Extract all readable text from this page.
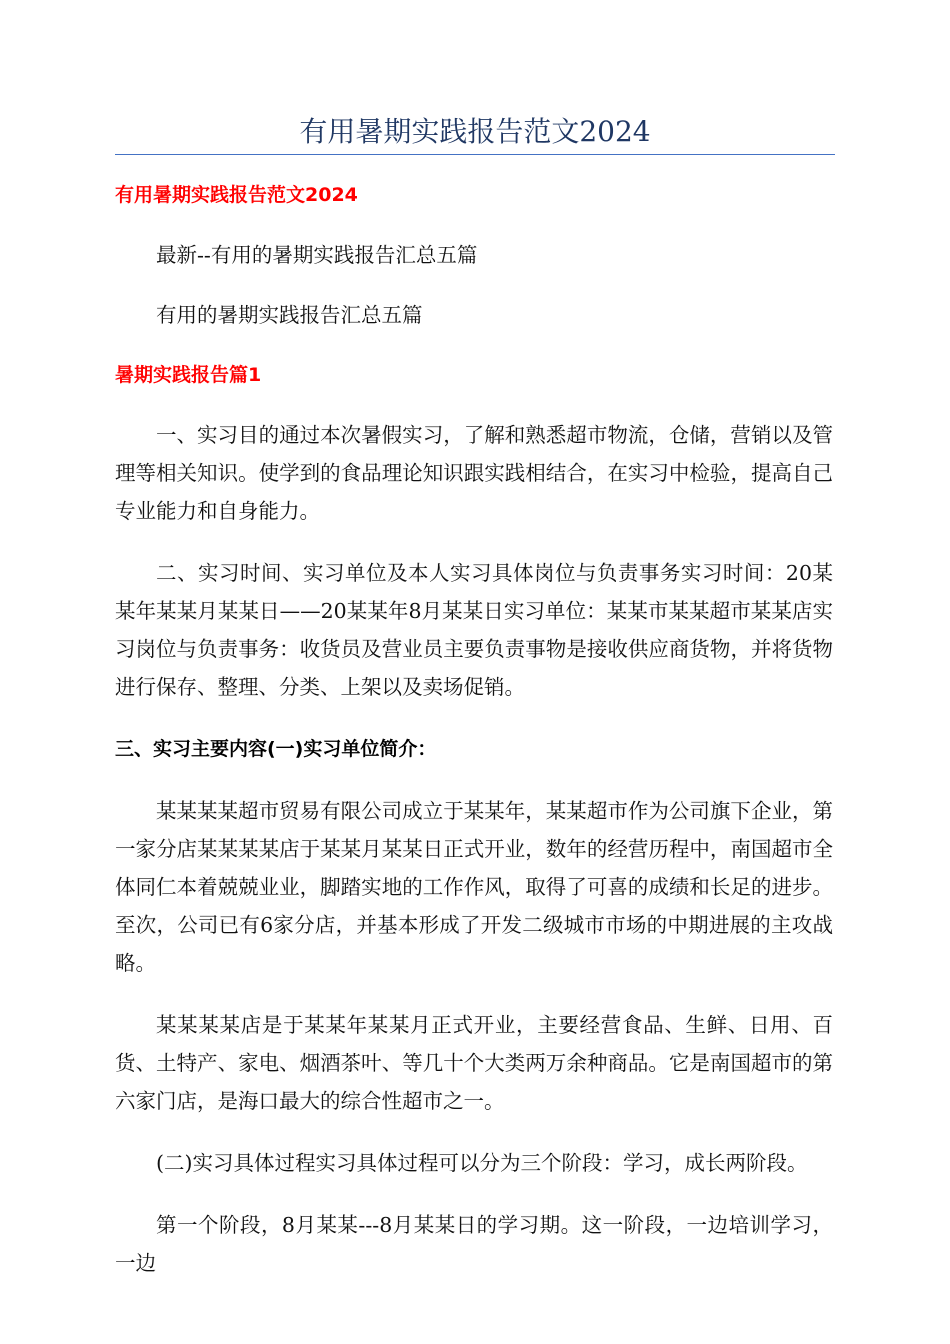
有用暑期实践报告范文2024

有用暑期实践报告范文2024

最新--有用的暑期实践报告汇总五篇

有用的暑期实践报告汇总五篇

暑期实践报告篇1

一、实习目的通过本次暑假实习，了解和熟悉超市物流，仓储，营销以及管理等相关知识。使学到的食品理论知识跟实践相结合，在实习中检验，提高自己专业能力和自身能力。

二、实习时间、实习单位及本人实习具体岗位与负责事务实习时间：20某某年某某月某某日——20某某年8月某某日实习单位：某某市某某超市某某店实习岗位与负责事务：收货员及营业员主要负责事物是接收供应商货物，并将货物进行保存、整理、分类、上架以及卖场促销。

三、实习主要内容(一)实习单位简介：

某某某某超市贸易有限公司成立于某某年，某某超市作为公司旗下企业，第一家分店某某某某店于某某月某某日正式开业，数年的经营历程中，南国超市全体同仁本着兢兢业业，脚踏实地的工作作风，取得了可喜的成绩和长足的进步。至次，公司已有6家分店，并基本形成了开发二级城市市场的中期进展的主攻战略。

某某某某店是于某某年某某月正式开业，主要经营食品、生鲜、日用、百货、土特产、家电、烟酒茶叶、等几十个大类两万余种商品。它是南国超市的第六家门店，是海口最大的综合性超市之一。

(二)实习具体过程实习具体过程可以分为三个阶段：学习，成长两阶段。

第一个阶段，8月某某---8月某某日的学习期。这一阶段，一边培训学习，一边
